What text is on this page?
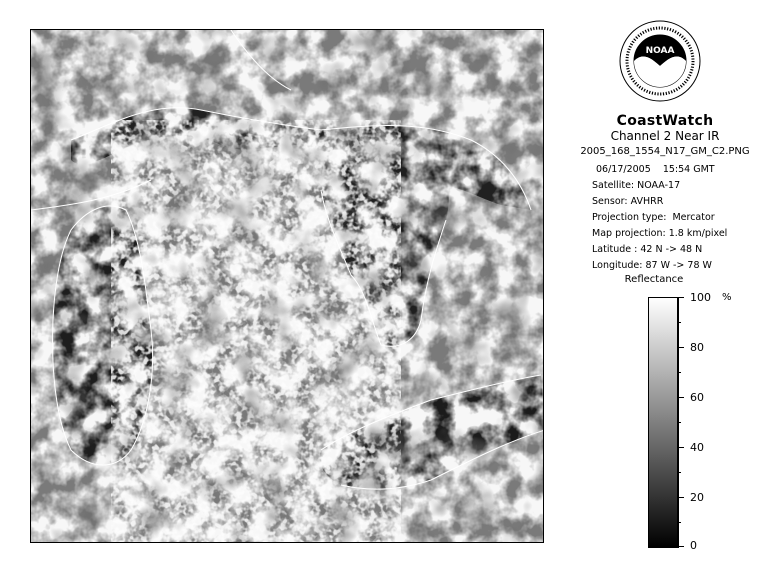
NOAA
CoastWatch
Channel 2 Near IR
2005_168_1554_N17_GM_C2.PNG
06/17/2005    15:54 GMT
Satellite: NOAA-17
Sensor: AVHRR
Projection type:  Mercator
Map projection: 1.8 km/pixel
Latitude : 42 N -> 48 N
Longitude: 87 W -> 78 W
Reflectance
%
100
80
60
40
20
0
